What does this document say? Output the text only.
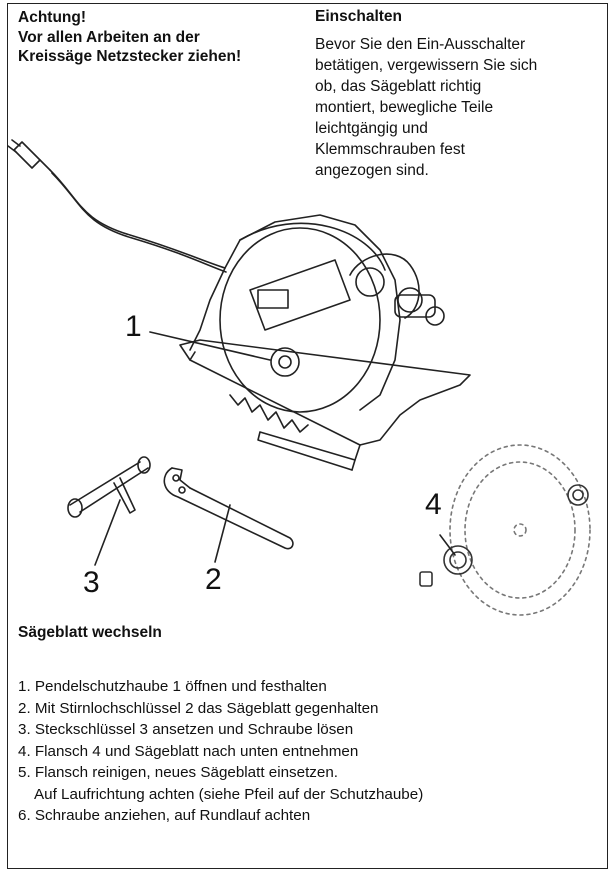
Achtung!
Vor allen Arbeiten an der
Kreissäge Netzstecker ziehen!
Einschalten
Bevor Sie den Ein-Ausschalter
betätigen, vergewissern Sie sich
ob, das Sägeblatt richtig
montiert, bewegliche Teile
leichtgängig und
Klemmschrauben fest
angezogen sind.
1
3	2
4
Sägeblatt wechseln
1. Pendelschutzhaube 1 öffnen und festhalten
2. Mit Stirnlochschlüssel 2 das Sägeblatt gegenhalten
3. Steckschlüssel 3 ansetzen und Schraube lösen
4. Flansch 4 und Sägeblatt nach unten entnehmen
5. Flansch reinigen, neues Sägeblatt einsetzen.
Auf Laufrichtung achten (siehe Pfeil auf der Schutzhaube)
6. Schraube anziehen, auf Rundlauf achten
